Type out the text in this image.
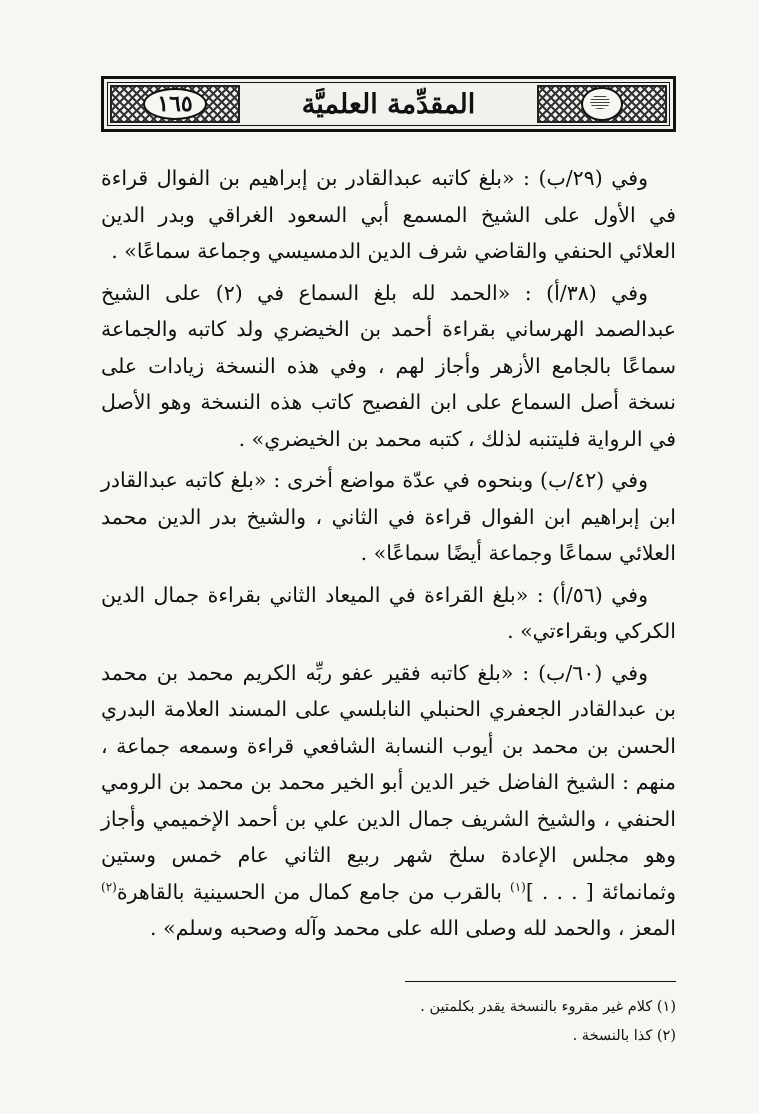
١٦٥	المقدِّمة العلميَّة

وفي (٢٩/ب) : «بلغ كاتبه عبدالقادر بن إبراهيم بن الفوال قراءة في الأول على الشيخ المسمع أبي السعود الغراقي وبدر الدين العلائي الحنفي والقاضي شرف الدين الدمسيسي وجماعة سماعًا» .

وفي (٣٨/أ) : «الحمد لله بلغ السماع في (٢) على الشيخ عبدالصمد الهرساني بقراءة أحمد بن الخيضري ولد كاتبه والجماعة سماعًا بالجامع الأزهر وأجاز لهم ، وفي هذه النسخة زيادات على نسخة أصل السماع على ابن الفصيح كاتب هذه النسخة وهو الأصل في الرواية فليتنبه لذلك ، كتبه محمد بن الخيضري» .

وفي (٤٢/ب) وبنحوه في عدّة مواضع أخرى : «بلغ كاتبه عبدالقادر ابن إبراهيم ابن الفوال قراءة في الثاني ، والشيخ بدر الدين محمد العلائي سماعًا وجماعة أيضًا سماعًا» .

وفي (٥٦/أ) : «بلغ القراءة في الميعاد الثاني بقراءة جمال الدين الكركي وبقراءتي» .

وفي (٦٠/ب) : «بلغ كاتبه فقير عفو ربِّه الكريم محمد بن محمد بن عبدالقادر الجعفري الحنبلي النابلسي على المسند العلامة البدري الحسن بن محمد بن أيوب النسابة الشافعي قراءة وسمعه جماعة ، منهم : الشيخ الفاضل خير الدين أبو الخير محمد بن محمد بن الرومي الحنفي ، والشيخ الشريف جمال الدين علي بن أحمد الإخميمي وأجاز وهو مجلس الإعادة سلخ شهر ربيع الثاني عام خمس وستين وثمانمائة [ . . . ]$^{(١)}$ بالقرب من جامع كمال من الحسينية بالقاهرة$^{(٢)}$ المعز ، والحمد لله وصلى الله على محمد وآله وصحبه وسلم» .

(١) كلام غير مقروء بالنسخة يقدر بكلمتين .
(٢) كذا بالنسخة .
